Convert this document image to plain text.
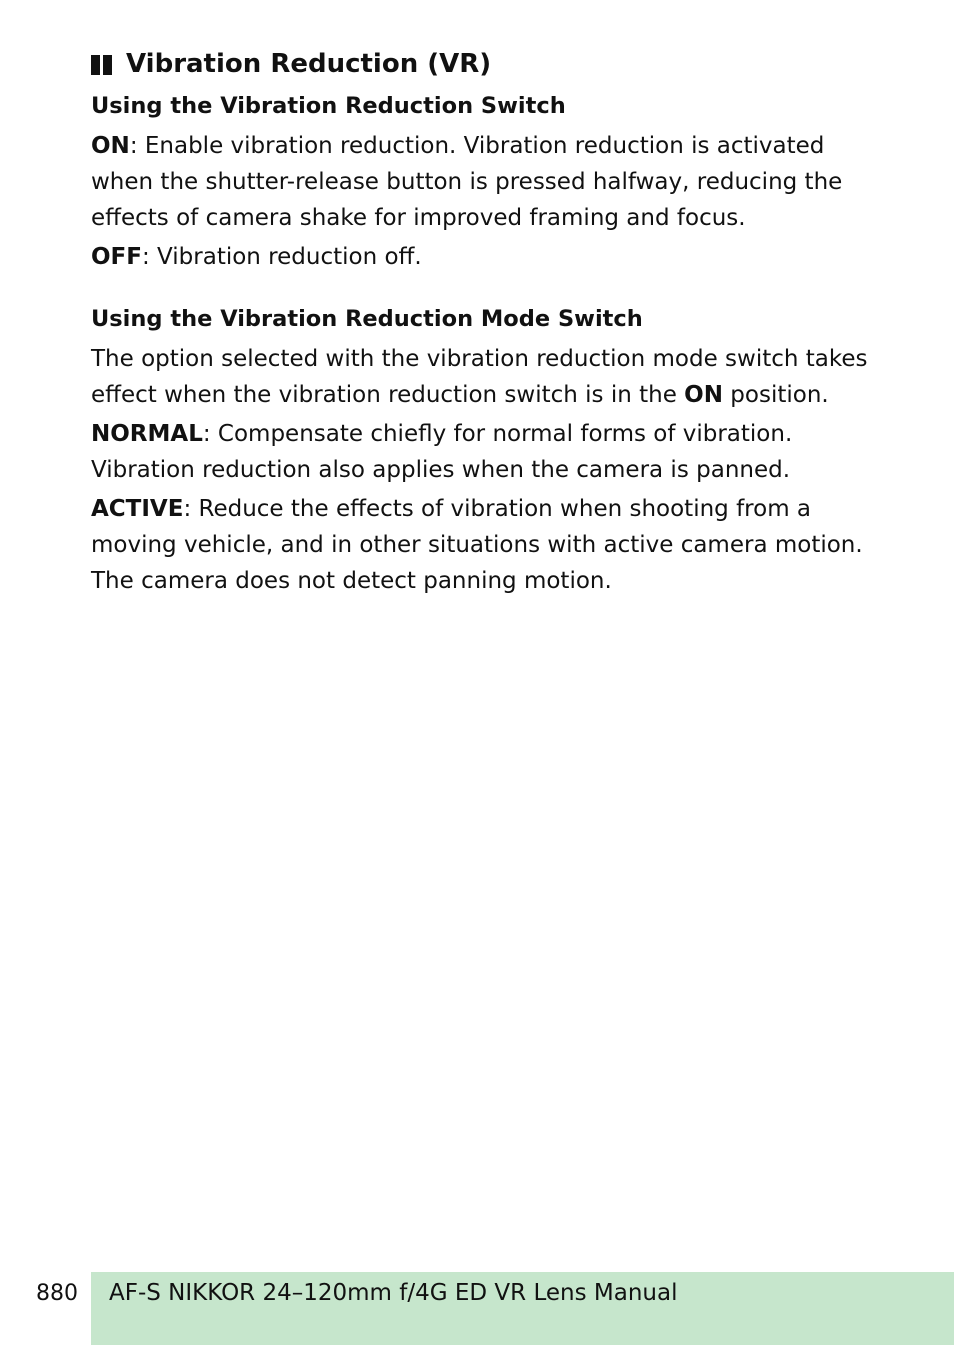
Vibration Reduction (VR)
Using the Vibration Reduction Switch

ON: Enable vibration reduction. Vibration reduction is activated when the shutter-release button is pressed halfway, reducing the effects of camera shake for improved framing and focus.

OFF: Vibration reduction off.

Using the Vibration Reduction Mode Switch

The option selected with the vibration reduction mode switch takes effect when the vibration reduction switch is in the ON position.

NORMAL: Compensate chiefly for normal forms of vibration. Vibration reduction also applies when the camera is panned.

ACTIVE: Reduce the effects of vibration when shooting from a moving vehicle, and in other situations with active camera motion. The camera does not detect panning motion.

880 AF-S NIKKOR 24–120mm f/4G ED VR Lens Manual
